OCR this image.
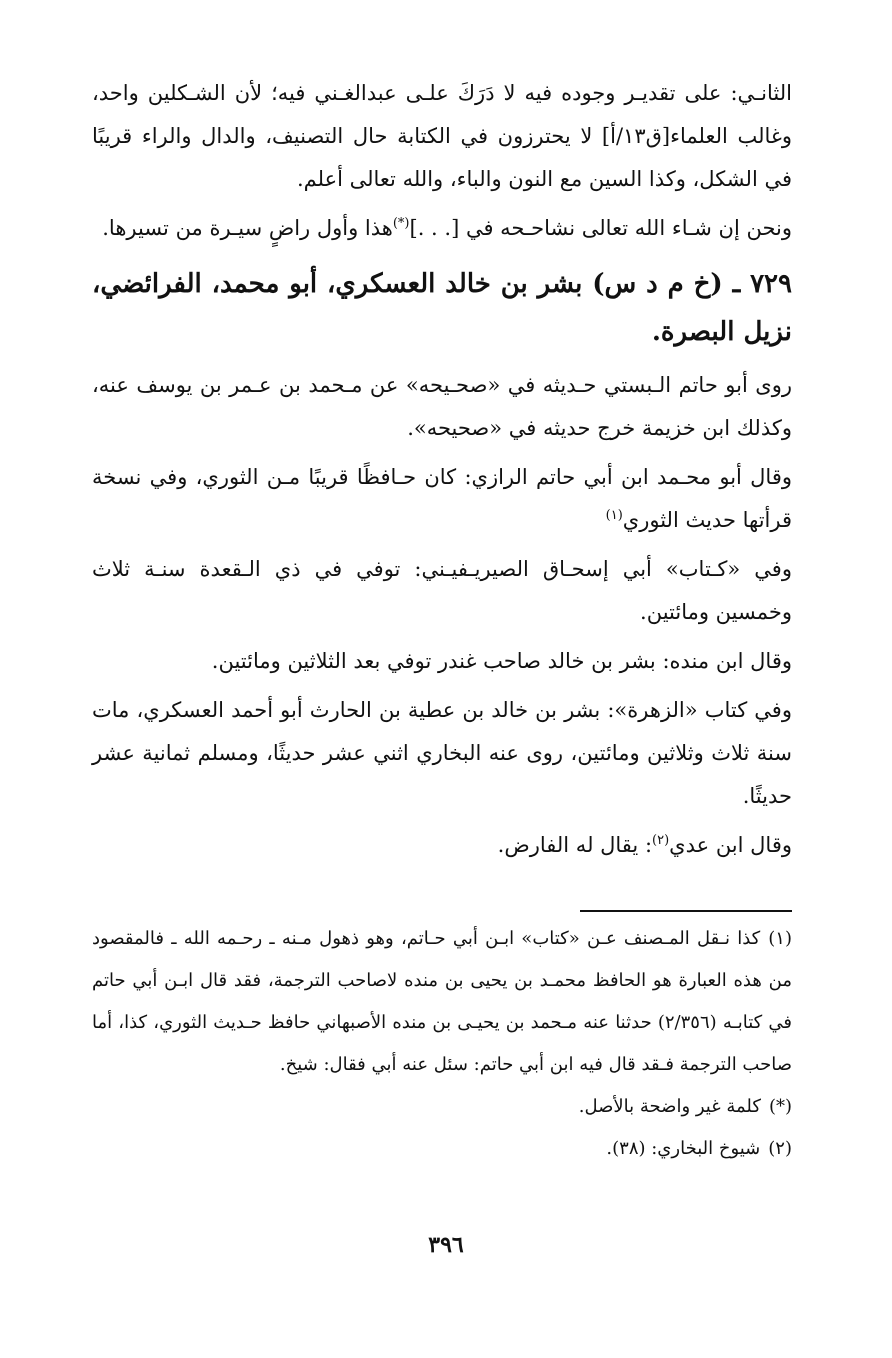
الثانـي: على تقديـر وجوده فيه لا دَرَكَ علـى عبدالغـني فيه؛ لأن الشـكلين واحد، وغالب العلماء[ق١٣/أ] لا يحترزون في الكتابة حال التصنيف، والدال والراء قريبًا في الشكل، وكذا السين مع النون والباء، والله تعالى أعلم.

ونحن إن شـاء الله تعالى نشاحـحه في [. . .](*)هذا وأول راضٍ سيـرة من تسيرها.

٧٢٩ ـ (خ م د س) بشر بن خالد العسكري، أبو محمد، الفرائضي، نزيل البصرة.

روى أبو حاتم الـبستي حـديثه في «صحـيحه» عن مـحمد بن عـمر بن يوسف عنه، وكذلك ابن خزيمة خرج حديثه في «صحيحه».

وقال أبو محـمد ابن أبي حاتم الرازي: كان حـافظًا قريبًا مـن الثوري، وفي نسخة قرأتها حديث الثوري$^{(١)}$

وفي «كـتاب» أبي إسحـاق الصيريـفيـني: توفي في ذي الـقعدة سنـة ثلاث وخمسين ومائتين.

وقال ابن منده: بشر بن خالد صاحب غندر توفي بعد الثلاثين ومائتين.

وفي كتاب «الزهرة»: بشر بن خالد بن عطية بن الحارث أبو أحمد العسكري، مات سنة ثلاث وثلاثين ومائتين، روى عنه البخاري اثني عشر حديثًا، ومسلم ثمانية عشر حديثًا.

وقال ابن عدي$^{(٢)}$: يقال له الفارض.

(١)كذا نـقل المـصنف عـن «كتاب» ابـن أبي حـاتم، وهو ذهول مـنه ـ رحـمه الله ـ فالمقصود من هذه العبارة هو الحافظ محمـد بن يحيى بن منده لاصاحب الترجمة، فقد قال ابـن أبي حاتم في كتابـه (٢/٣٥٦) حدثنا عنه مـحمد بن يحيـى بن منده الأصبهاني حافظ حـديث الثوري، كذا، أما صاحب الترجمة فـقد قال فيه ابن أبي حاتم: سئل عنه أبي فقال: شيخ.

(*)كلمة غير واضحة بالأصل.

(٢)شيوخ البخاري: (٣٨).

٣٩٦
